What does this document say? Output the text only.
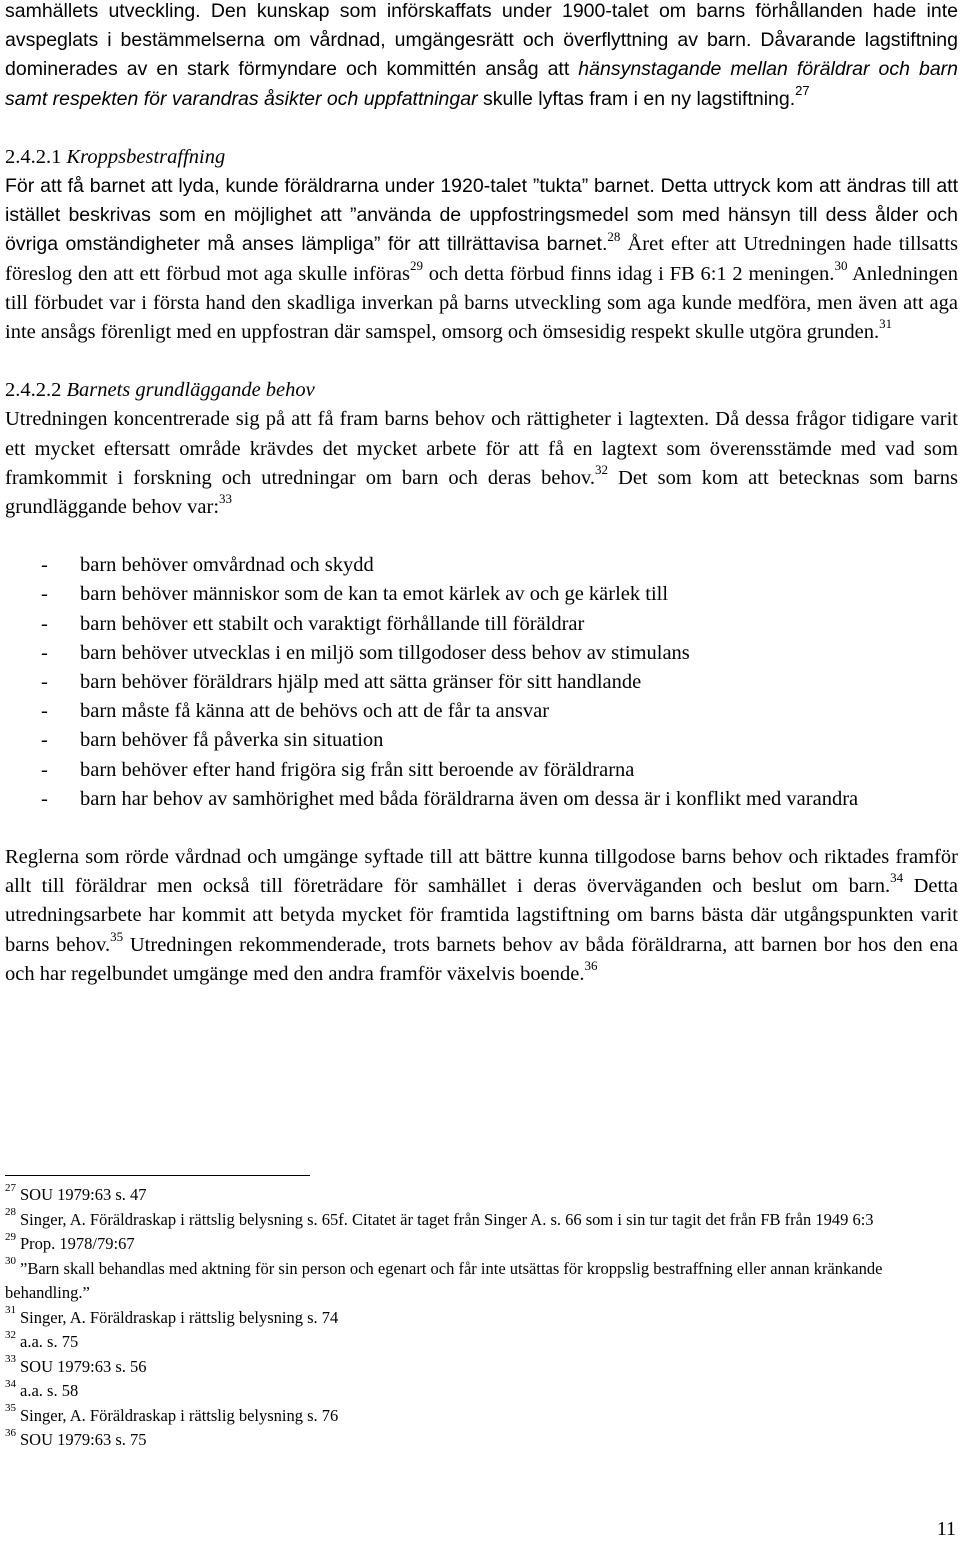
samhällets utveckling. Den kunskap som införskaffats under 1900-talet om barns förhållanden hade inte avspeglats i bestämmelserna om vårdnad, umgängesrätt och överflyttning av barn. Dåvarande lagstiftning dominerades av en stark förmyndare och kommittén ansåg att hänsynstagande mellan föräldrar och barn samt respekten för varandras åsikter och uppfattningar skulle lyftas fram i en ny lagstiftning.$^{27}$

2.4.2.1 Kroppsbestraffning

För att få barnet att lyda, kunde föräldrarna under 1920-talet ”tukta” barnet. Detta uttryck kom att ändras till att istället beskrivas som en möjlighet att ”använda de uppfostringsmedel som med hänsyn till dess ålder och övriga omständigheter må anses lämpliga” för att tillrättavisa barnet.$^{28}$ Året efter att Utredningen hade tillsatts föreslog den att ett förbud mot aga skulle införas$^{29}$ och detta förbud finns idag i FB 6:1 2 meningen.$^{30}$ Anledningen till förbudet var i första hand den skadliga inverkan på barns utveckling som aga kunde medföra, men även att aga inte ansågs förenligt med en uppfostran där samspel, omsorg och ömsesidig respekt skulle utgöra grunden.$^{31}$

2.4.2.2 Barnets grundläggande behov

Utredningen koncentrerade sig på att få fram barns behov och rättigheter i lagtexten. Då dessa frågor tidigare varit ett mycket eftersatt område krävdes det mycket arbete för att få en lagtext som överensstämde med vad som framkommit i forskning och utredningar om barn och deras behov.$^{32}$ Det som kom att betecknas som barns grundläggande behov var:$^{33}$

- barn behöver omvårdnad och skydd
- barn behöver människor som de kan ta emot kärlek av och ge kärlek till
- barn behöver ett stabilt och varaktigt förhållande till föräldrar
- barn behöver utvecklas i en miljö som tillgodoser dess behov av stimulans
- barn behöver föräldrars hjälp med att sätta gränser för sitt handlande
- barn måste få känna att de behövs och att de får ta ansvar
- barn behöver få påverka sin situation
- barn behöver efter hand frigöra sig från sitt beroende av föräldrarna
- barn har behov av samhörighet med båda föräldrarna även om dessa är i konflikt med varandra

Reglerna som rörde vårdnad och umgänge syftade till att bättre kunna tillgodose barns behov och riktades framför allt till föräldrar men också till företrädare för samhället i deras överväganden och beslut om barn.$^{34}$ Detta utredningsarbete har kommit att betyda mycket för framtida lagstiftning om barns bästa där utgångspunkten varit barns behov.$^{35}$ Utredningen rekommenderade, trots barnets behov av båda föräldrarna, att barnen bor hos den ena och har regelbundet umgänge med den andra framför växelvis boende.$^{36}$

$^{27}$ SOU 1979:63 s. 47

$^{28}$ Singer, A. Föräldraskap i rättslig belysning s. 65f. Citatet är taget från Singer A. s. 66 som i sin tur tagit det från FB från 1949 6:3

$^{29}$ Prop. 1978/79:67

$^{30}$ ”Barn skall behandlas med aktning för sin person och egenart och får inte utsättas för kroppslig bestraffning eller annan kränkande behandling.”

$^{31}$ Singer, A. Föräldraskap i rättslig belysning s. 74

$^{32}$ a.a. s. 75

$^{33}$ SOU 1979:63 s. 56

$^{34}$ a.a. s. 58

$^{35}$ Singer, A. Föräldraskap i rättslig belysning s. 76

$^{36}$ SOU 1979:63 s. 75

11
